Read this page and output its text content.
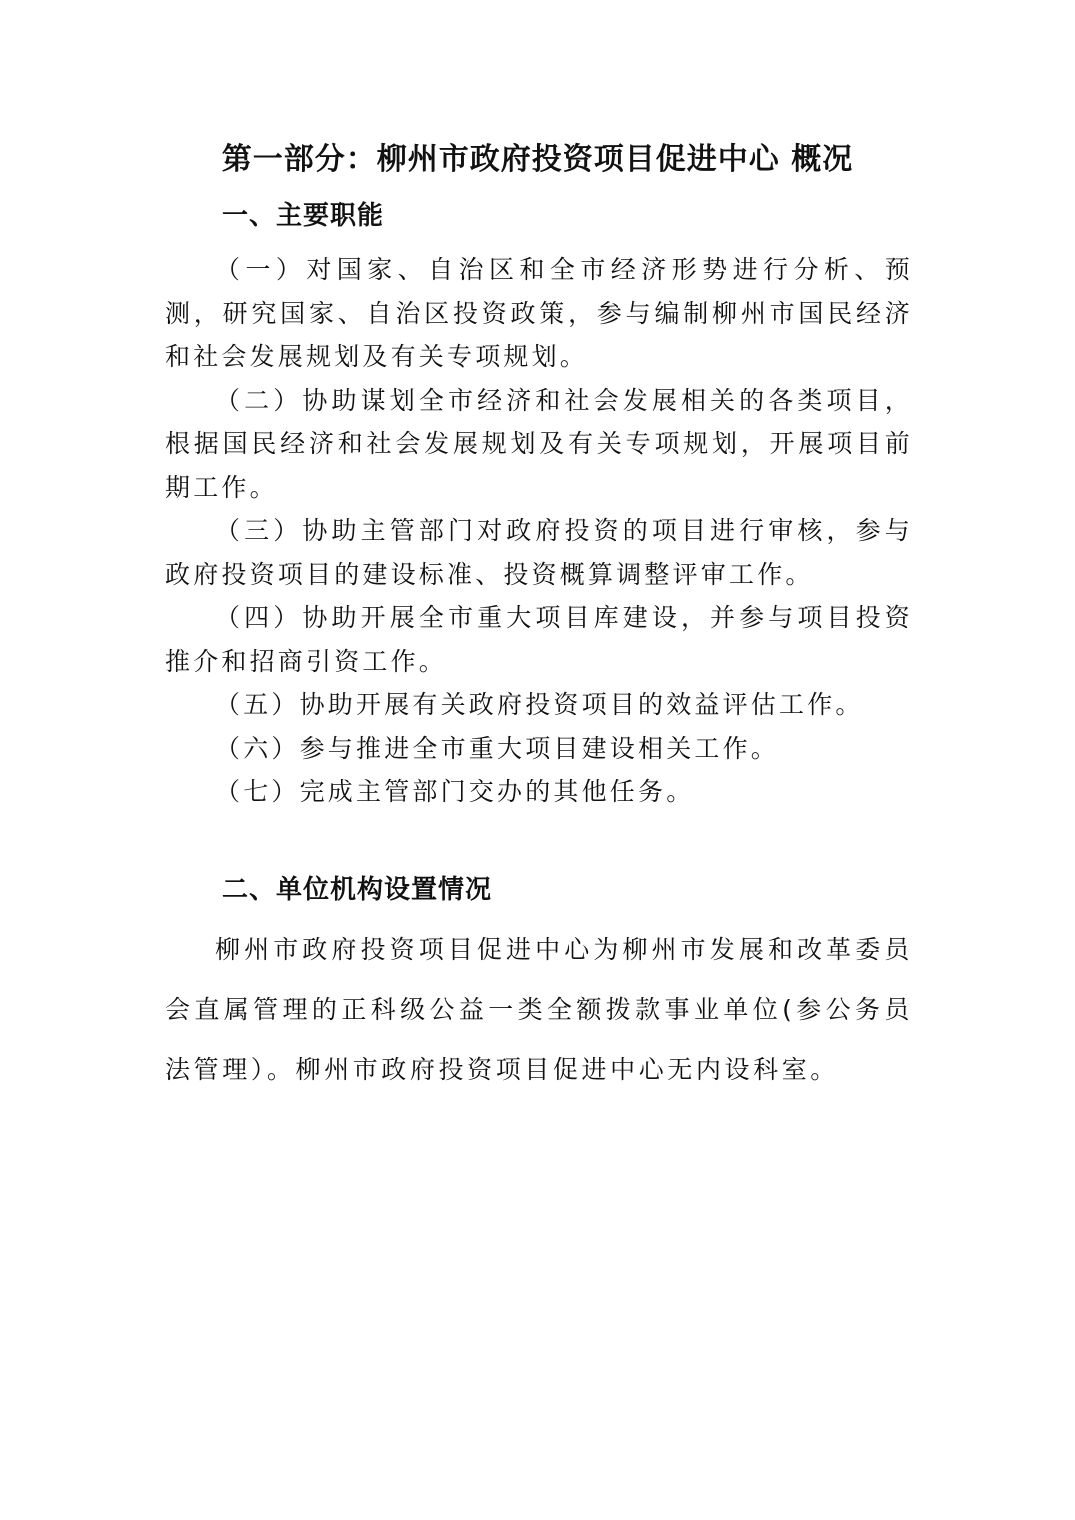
第一部分：柳州市政府投资项目促进中心 概况
一、主要职能

（一）对国家、自治区和全市经济形势进行分析、预测，研究国家、自治区投资政策，参与编制柳州市国民经济和社会发展规划及有关专项规划。

（二）协助谋划全市经济和社会发展相关的各类项目，根据国民经济和社会发展规划及有关专项规划，开展项目前期工作。

（三）协助主管部门对政府投资的项目进行审核，参与政府投资项目的建设标准、投资概算调整评审工作。

（四）协助开展全市重大项目库建设，并参与项目投资推介和招商引资工作。

（五）协助开展有关政府投资项目的效益评估工作。

（六）参与推进全市重大项目建设相关工作。

（七）完成主管部门交办的其他任务。

二、单位机构设置情况

柳州市政府投资项目促进中心为柳州市发展和改革委员会直属管理的正科级公益一类全额拨款事业单位(参公务员法管理）。柳州市政府投资项目促进中心无内设科室。
